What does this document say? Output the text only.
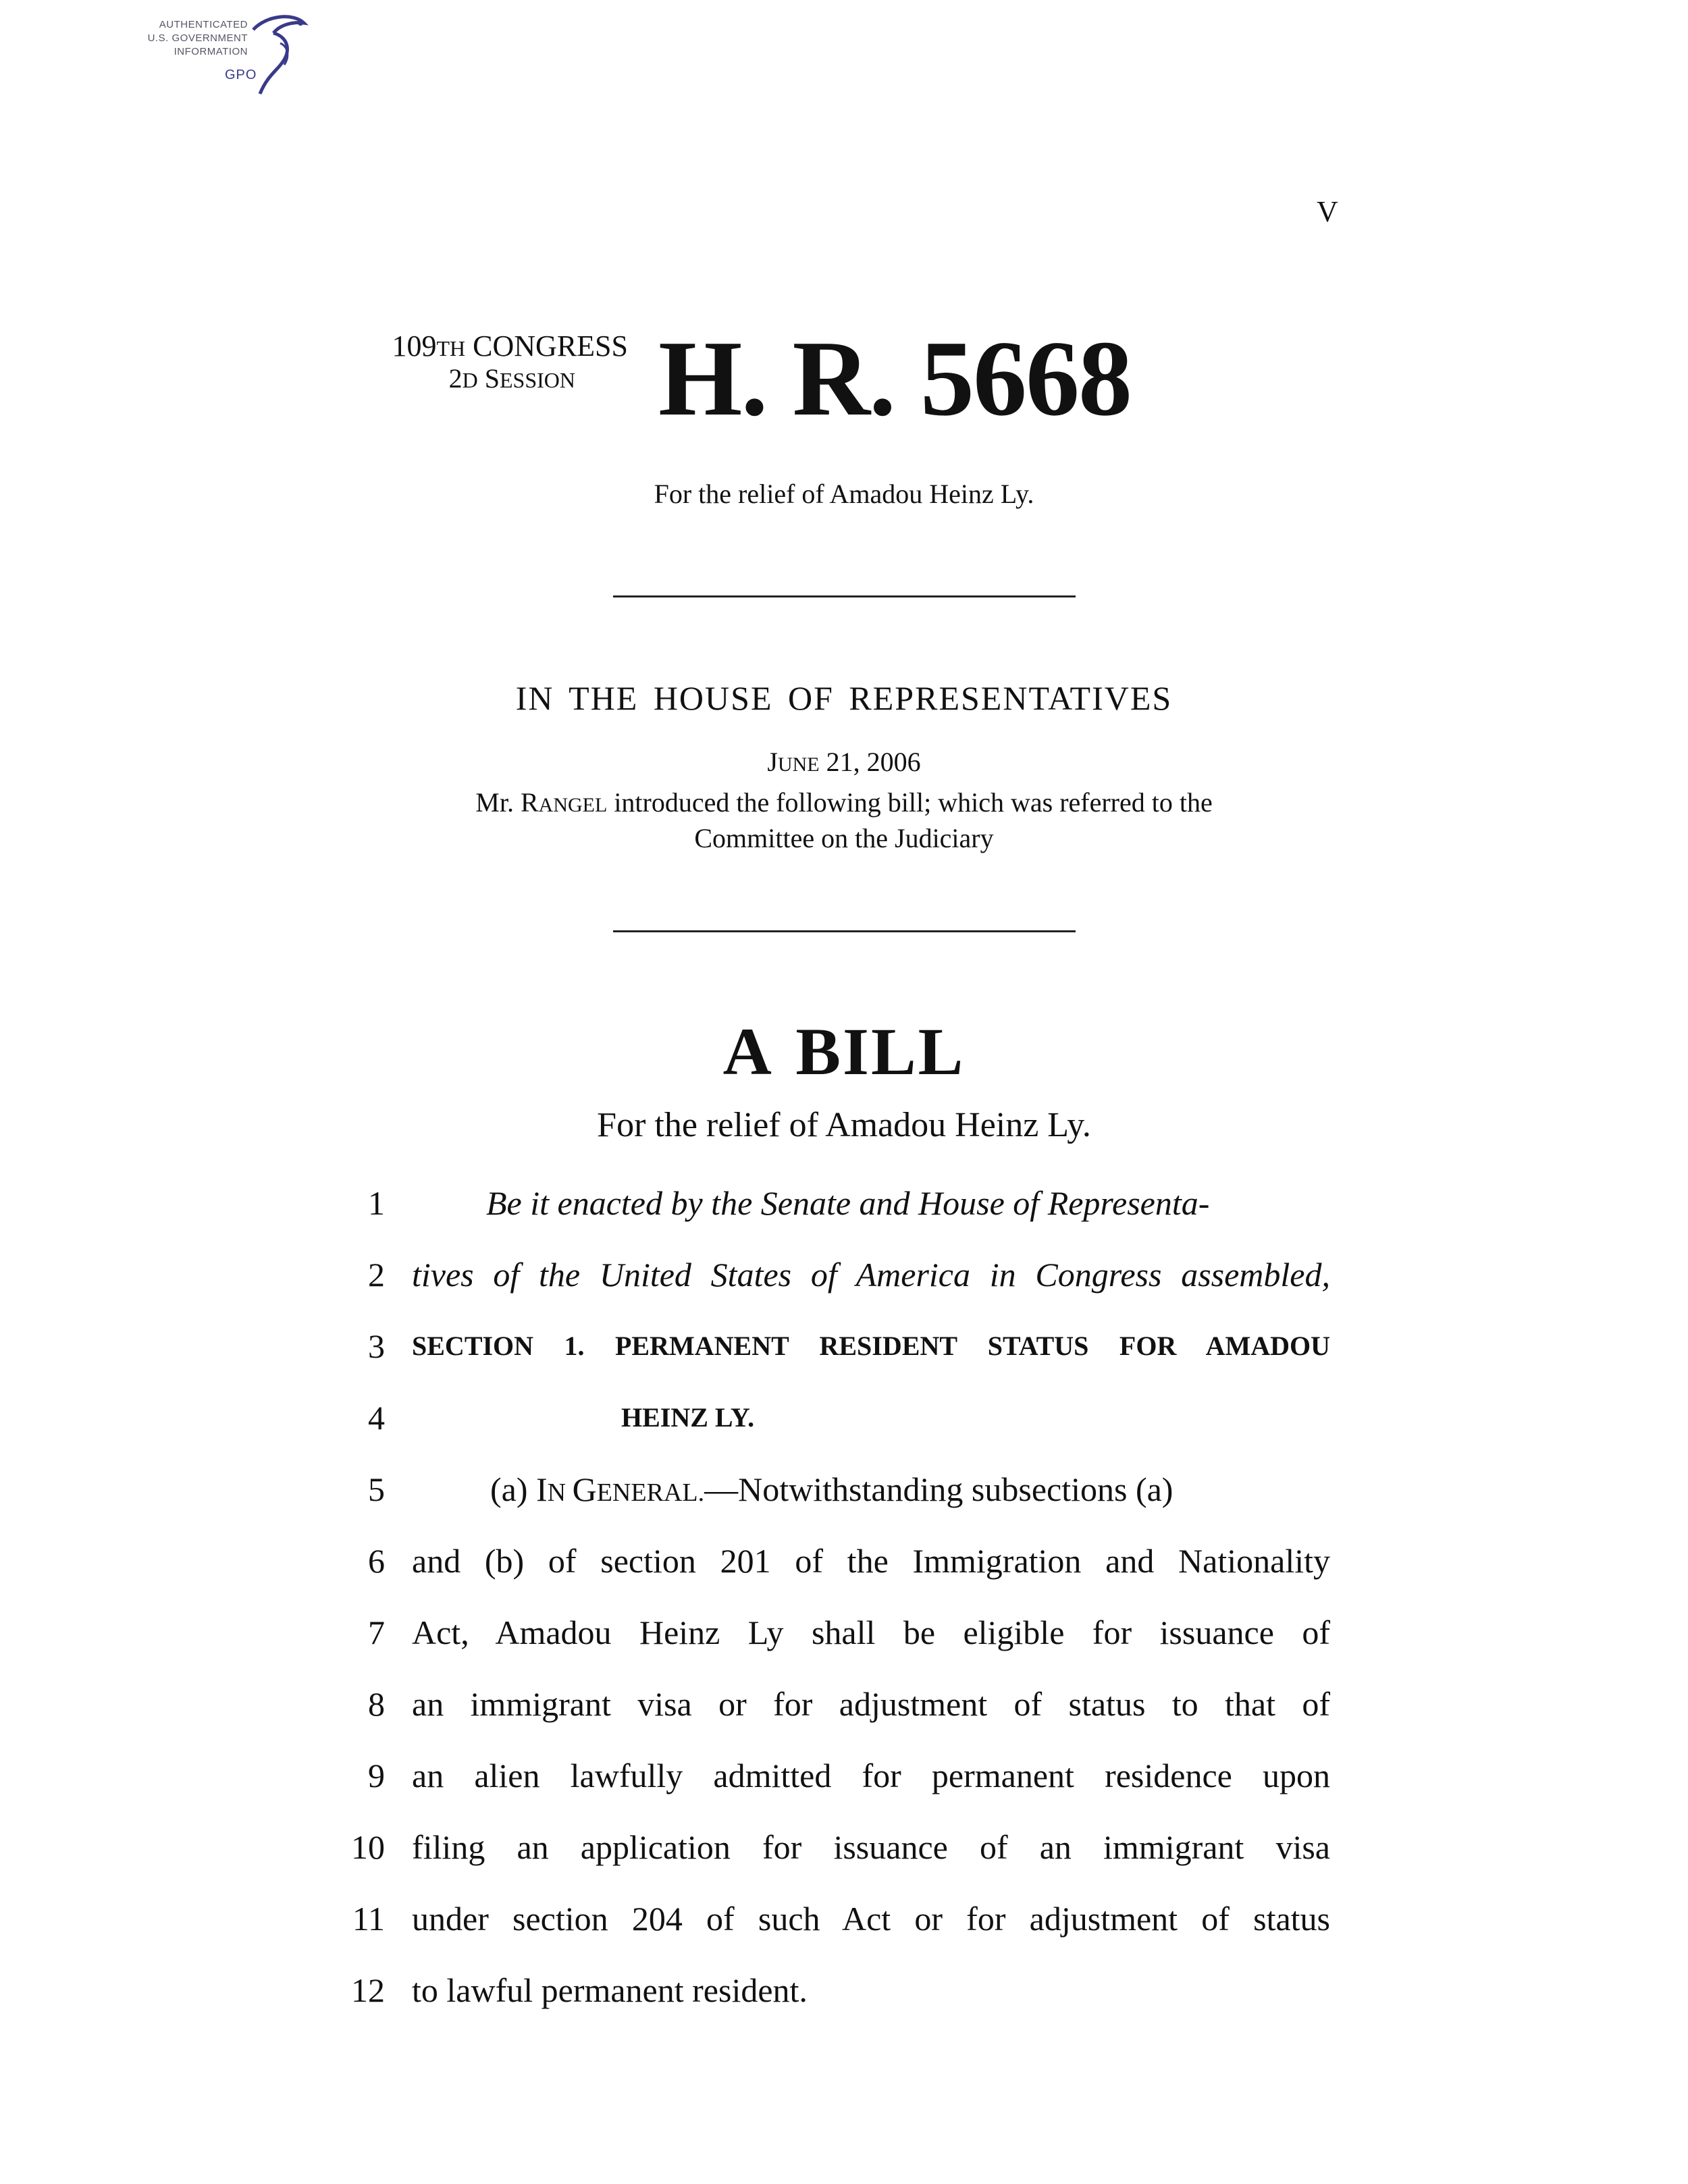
AUTHENTICATED
U.S. GOVERNMENT
INFORMATION
GPO
V
109TH CONGRESS
2D SESSION H. R. 5668
For the relief of Amadou Heinz Ly.
IN THE HOUSE OF REPRESENTATIVES
JUNE 21, 2006
Mr. RANGEL introduced the following bill; which was referred to the
Committee on the Judiciary
A BILL
For the relief of Amadou Heinz Ly.
1	Be it enacted by the Senate and House of Representa-
2 tives of the United States of America in Congress assembled,
3 SECTION 1. PERMANENT RESIDENT STATUS FOR AMADOU
4	HEINZ LY.
5	(a) IN GENERAL.—Notwithstanding subsections (a)
6 and (b) of section 201 of the Immigration and Nationality
7 Act, Amadou Heinz Ly shall be eligible for issuance of
8 an immigrant visa or for adjustment of status to that of
9 an alien lawfully admitted for permanent residence upon
10 filing an application for issuance of an immigrant visa
11 under section 204 of such Act or for adjustment of status
12 to lawful permanent resident.
